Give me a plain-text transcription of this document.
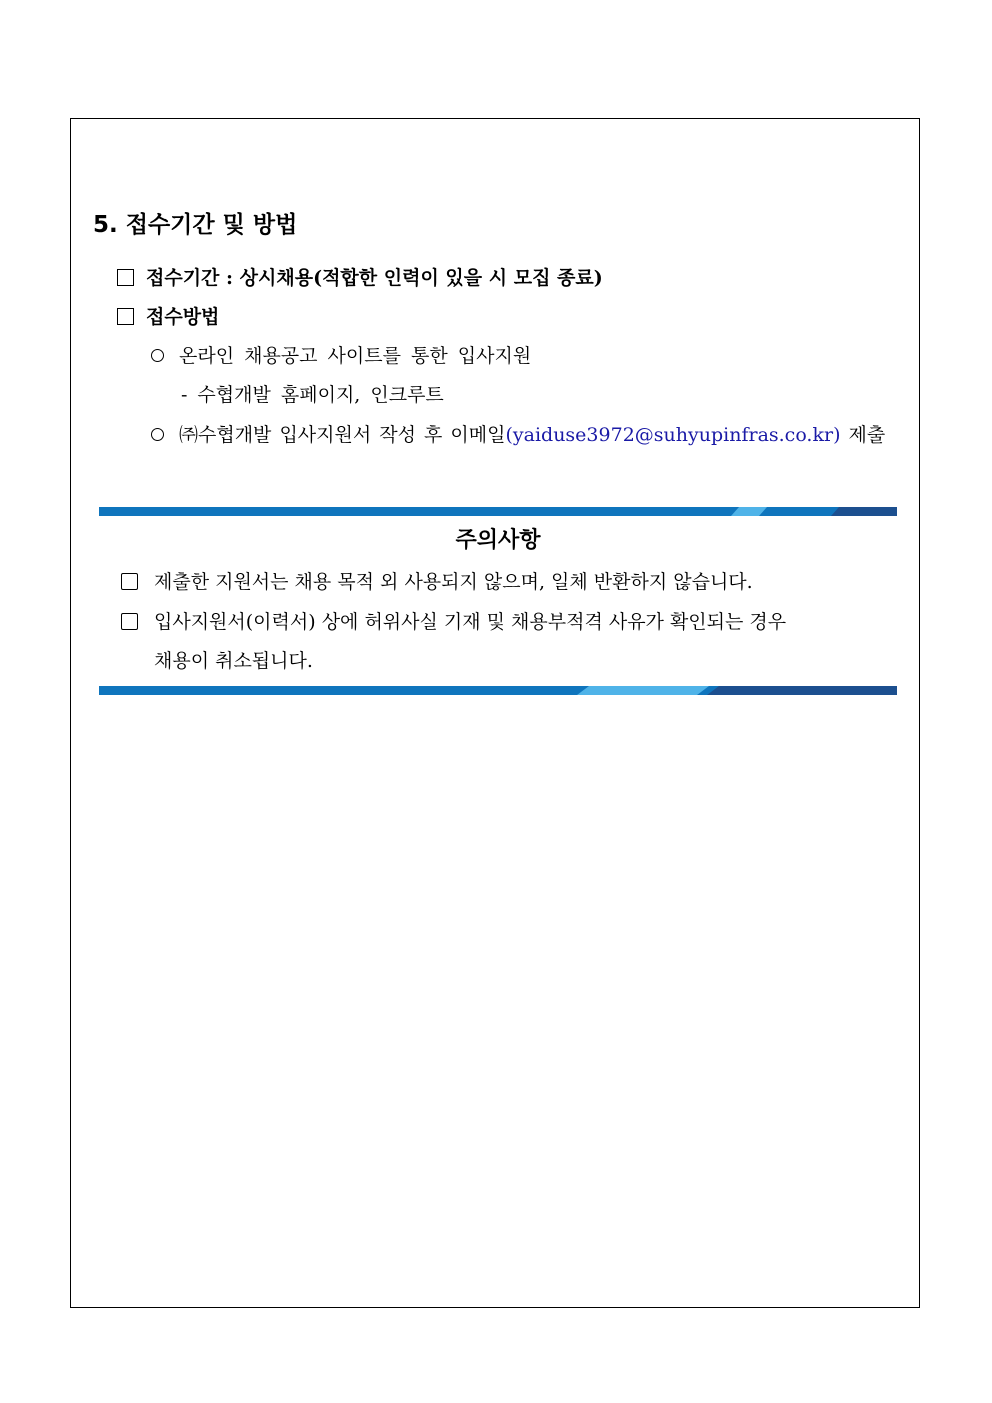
5. 접수기간 및 방법
접수기간 : 상시채용(적합한 인력이 있을 시 모집 종료)
접수방법
온라인 채용공고 사이트를 통한 입사지원
- 수협개발 홈페이지, 인크루트
㈜수협개발 입사지원서 작성 후 이메일(yaiduse3972@suhyupinfras.co.kr) 제출
주의사항
제출한 지원서는 채용 목적 외 사용되지 않으며, 일체 반환하지 않습니다.
입사지원서(이력서) 상에 허위사실 기재 및 채용부적격 사유가 확인되는 경우
채용이 취소됩니다.
